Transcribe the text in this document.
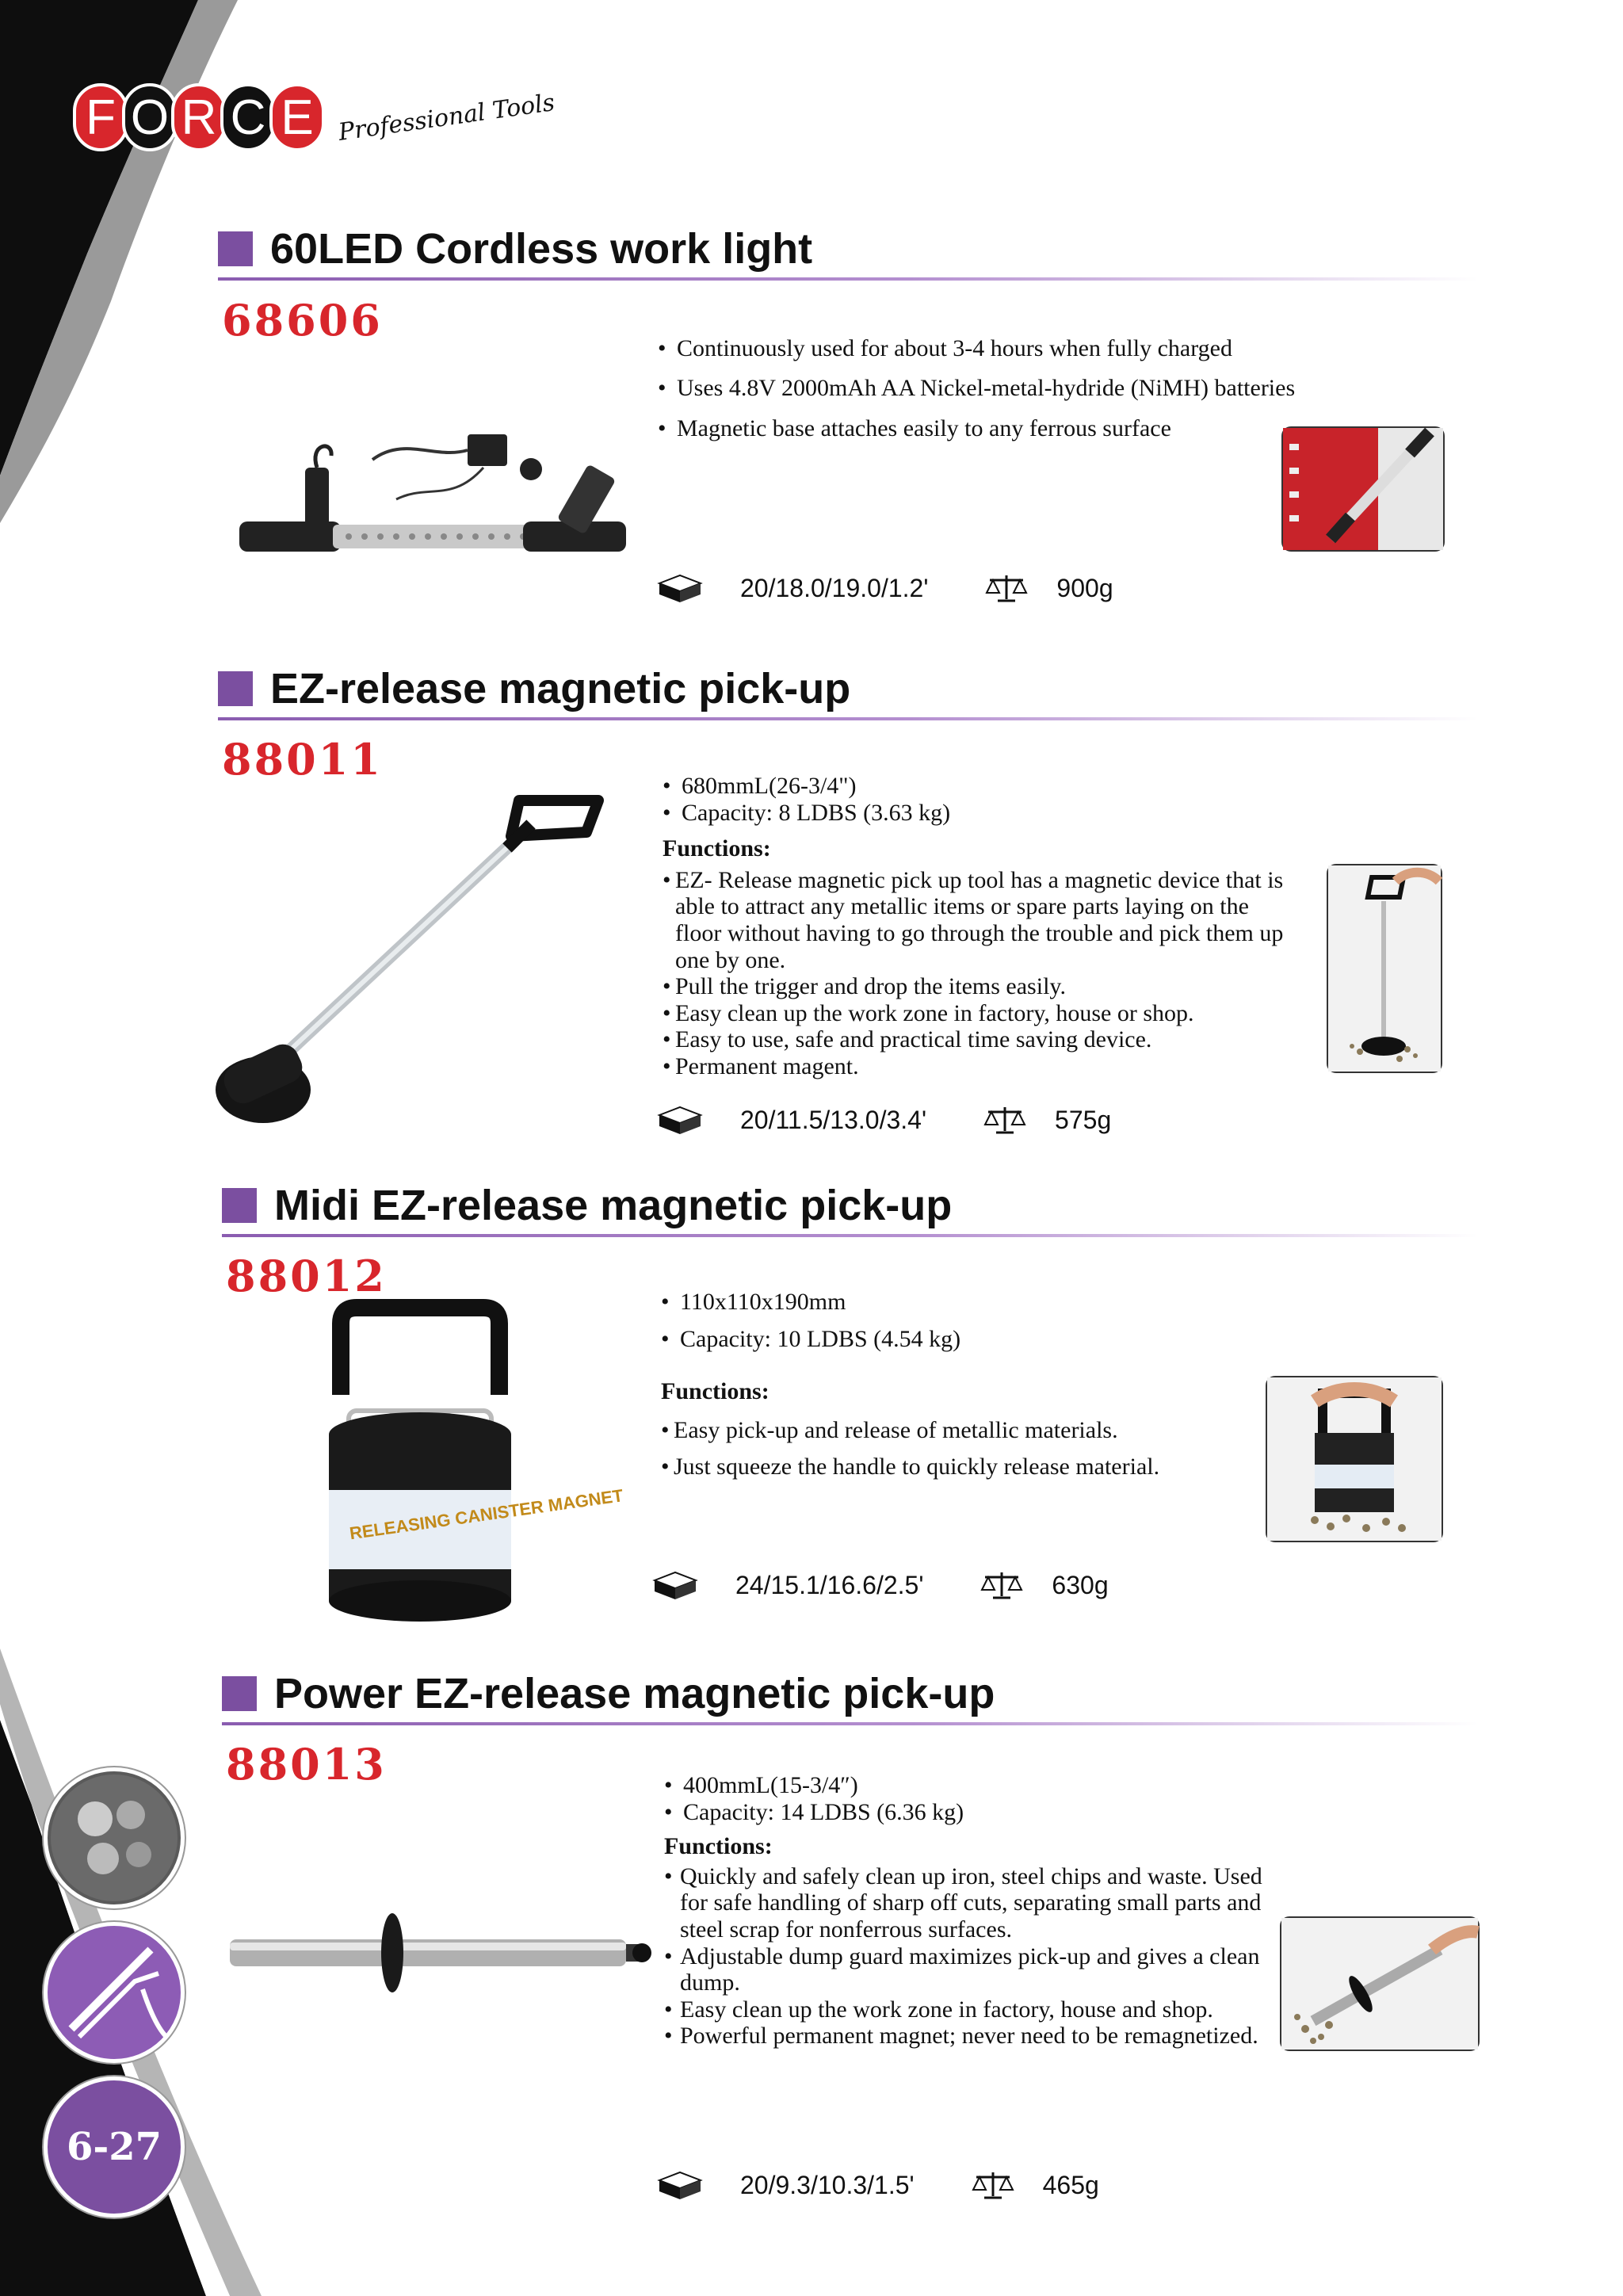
F O R C E Professional Tools
60LED Cordless work light
68606
• Continuously used for about 3-4 hours when fully charged
• Uses 4.8V 2000mAh AA Nickel-metal-hydride (NiMH) batteries
• Magnetic base attaches easily to any ferrous surface
20/18.0/19.0/1.2'	900g
EZ-release magnetic pick-up
88011
• 680mmL(26-3/4")
• Capacity: 8 LDBS (3.63 kg)
Functions:
• EZ- Release magnetic pick up tool has a magnetic device that is able to attract any metallic items or spare parts laying on the floor without having to go through the trouble and pick them up one by one.
• Pull the trigger and drop the items easily.
• Easy clean up the work zone in factory, house or shop.
• Easy to use, safe and practical time saving device.
• Permanent magent.
20/11.5/13.0/3.4'	575g
Midi EZ-release magnetic pick-up
88012
RELEASING CANISTER MAGNET
• 110x110x190mm
• Capacity: 10 LDBS (4.54 kg)
Functions:
• Easy pick-up and release of metallic materials.
• Just squeeze the handle to quickly release material.
24/15.1/16.6/2.5'	630g
Power EZ-release magnetic pick-up
88013	• 400mmL(15-3/4″)
• Capacity: 14 LDBS (6.36 kg)
Functions:
• Quickly and safely clean up iron, steel chips and waste. Used for safe handling of sharp off cuts, separating small parts and steel scrap for nonferrous surfaces.
• Adjustable dump guard maximizes pick-up and gives a clean dump.
• Easy clean up the work zone in factory, house and shop.
• Powerful permanent magnet; never need to be remagnetized.
20/9.3/10.3/1.5'	465g
6-27
